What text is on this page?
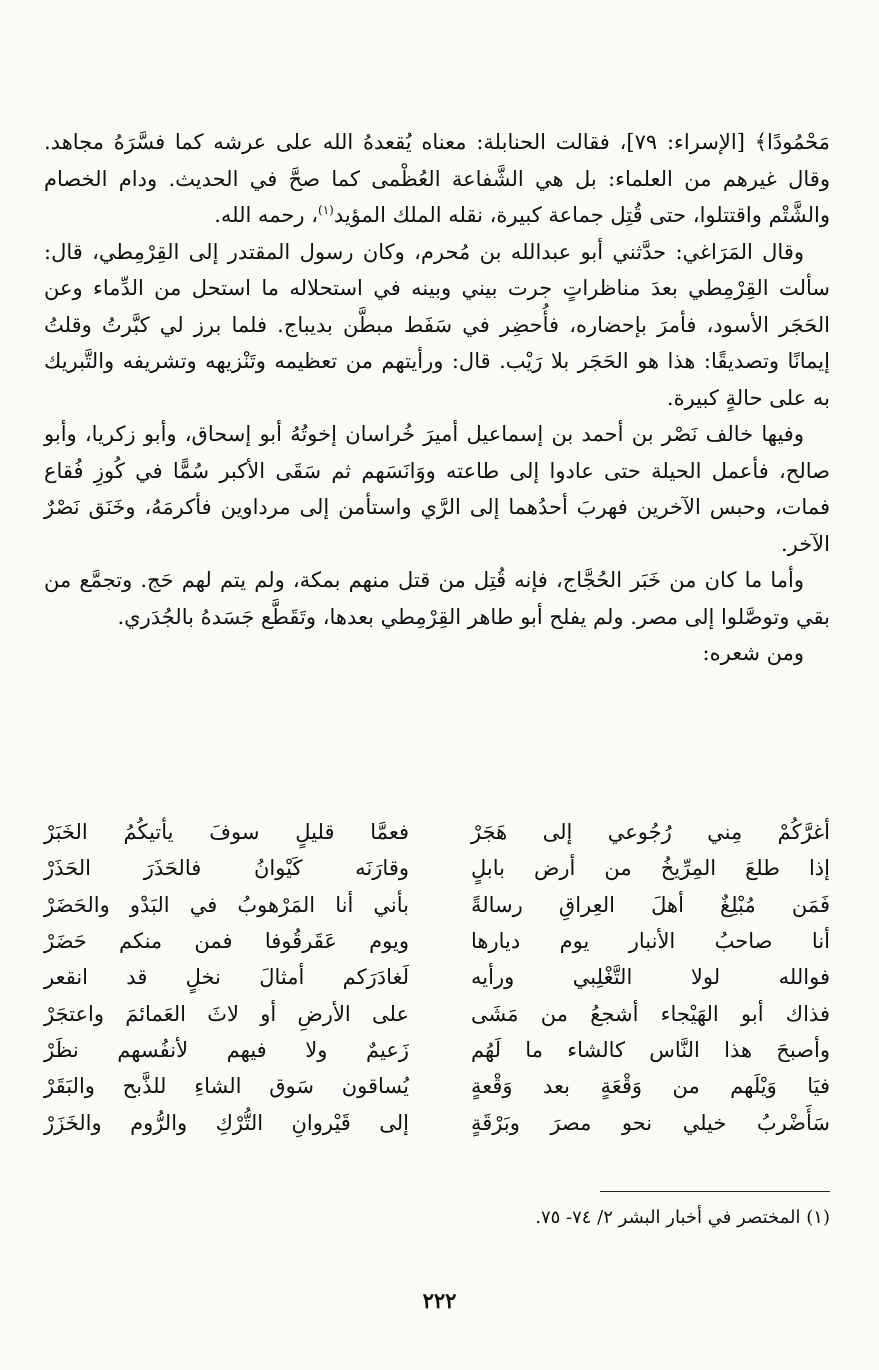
مَحْمُودًا﴾ [الإسراء: ٧٩]، فقالت الحنابلة: معناه يُقعدهُ الله على عرشه كما فسَّرَهُ مجاهد. وقال غيرهم من العلماء: بل هي الشَّفاعة العُظْمى كما صحَّ في الحديث. ودام الخصام والشَّتْم واقتتلوا، حتى قُتِل جماعة كبيرة، نقله الملك المؤيد$^{(١)}$، رحمه الله.

وقال المَرَاغي: حدَّثني أبو عبدالله بن مُحرم، وكان رسول المقتدر إلى القِرْمِطي، قال: سألت القِرْمِطي بعدَ مناظراتٍ جرت بيني وبينه في استحلاله ما استحل من الدِّماء وعن الحَجَر الأسود، فأمرَ بإحضاره، فأُحضِر في سَفَط مبطَّن بديباج. فلما برز لي كبَّرتُ وقلتُ إيمانًا وتصديقًا: هذا هو الحَجَر بلا رَيْب. قال: ورأيتهم من تعظيمه وتَنْزيهه وتشريفه والتَّبريك به على حالةٍ كبيرة.

وفيها خالف نَصْر بن أحمد بن إسماعيل أميرَ خُراسان إخوتُهُ أبو إسحاق، وأبو زكريا، وأبو صالح، فأعمل الحيلة حتى عادوا إلى طاعته ووَانَسَهم ثم سَقَى الأكبر سُمًّا في كُوزِ فُقاع فمات، وحبس الآخرين فهربَ أحدُهما إلى الرَّي واستأمن إلى مرداوين فأكرمَهُ، وخَنَق نَصْرٌ الآخر.

وأما ما كان من خَبَر الحُجَّاج، فإنه قُتِل من قتل منهم بمكة، ولم يتم لهم حَج. وتجمَّع من بقي وتوصَّلوا إلى مصر. ولم يفلح أبو طاهر القِرْمِطي بعدها، وتَقَطَّع جَسَدهُ بالجُدَري.

ومن شعره:

أغرَّكُمْ مِني رُجُوعي إلى هَجَرْ
فعمَّا قليلٍ سوفَ يأتيكُمُ الخَبَرْ
إذا طلعَ المِرِّيخُ من أرض بابلٍ
وقارَنَه كَيْوانُ فالحَذَرَ الحَذَرْ
فَمَن مُبْلِغٌ أهلَ العِراقِ رسالةً
بأني أنا المَرْهوبُ في البَدْو والحَضَرْ
أنا صاحبُ الأنبار يوم ديارها
ويوم عَقَرقُوفا فمن منكم حَضَرْ
فوالله لولا التَّغْلِبي ورأيه
لَغادَرَكم أمثالَ نخلٍ قد انقعر
فذاك أبو الهَيْجاء أشجعُ من مَشَى
على الأرضِ أو لاثَ العَمائمَ واعتجَرْ
وأصبحَ هذا النَّاس كالشاء ما لَهُم
زَعيمٌ ولا فيهم لأنفُسهم نظَرْ
فيَا وَيْلَهم من وَقْعَةٍ بعد وَقْعةٍ
يُساقون سَوق الشاءِ للذَّبح والبَقَرْ
سَأَضْربُ خيلي نحو مصرَ وبَرْقَةٍ
إلى قَيْروانِ التُّرْكِ والرُّوم والخَزَرْ
(١) المختصر في أخبار البشر ٢/ ٧٤- ٧٥.
٢٢٢
